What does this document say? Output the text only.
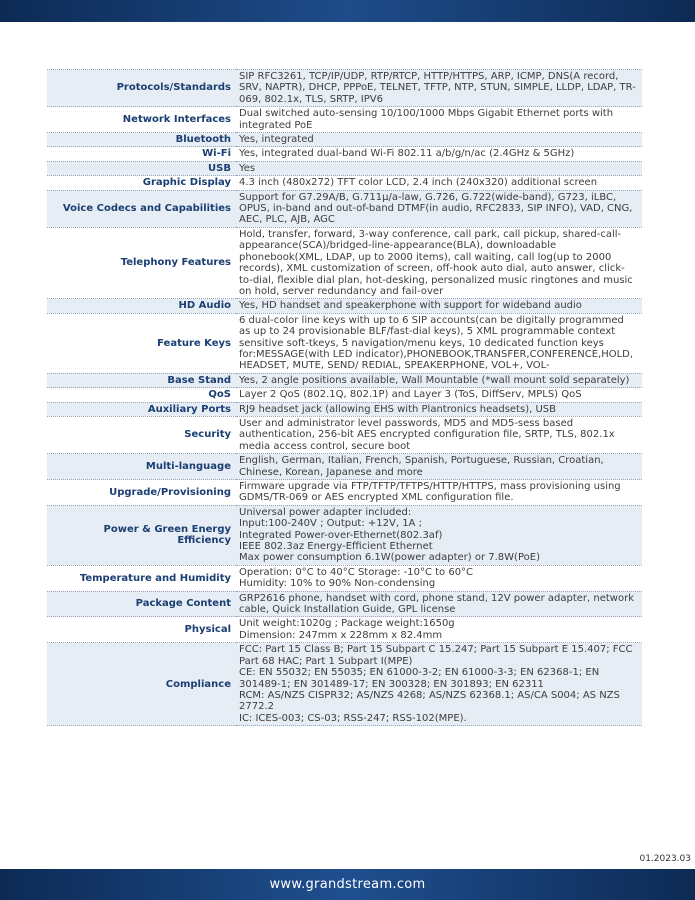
Protocols/Standards	SIP RFC3261, TCP/IP/UDP, RTP/RTCP, HTTP/HTTPS, ARP, ICMP, DNS(A record, SRV, NAPTR), DHCP, PPPoE, TELNET, TFTP, NTP, STUN, SIMPLE, LLDP, LDAP, TR-069, 802.1x, TLS, SRTP, IPV6
Network Interfaces	Dual switched auto-sensing 10/100/1000 Mbps Gigabit Ethernet ports with integrated PoE
Bluetooth	Yes, integrated
Wi-Fi	Yes, integrated dual-band Wi-Fi 802.11 a/b/g/n/ac (2.4GHz & 5GHz)
USB	Yes
Graphic Display	4.3 inch (480x272) TFT color LCD, 2.4 inch (240x320) additional screen
Voice Codecs and Capabilities	Support for G7.29A/B, G.711μ/a-law, G.726, G.722(wide-band), G723, iLBC, OPUS, in-band and out-of-band DTMF(in audio, RFC2833, SIP INFO), VAD, CNG, AEC, PLC, AJB, AGC
Telephony Features	Hold, transfer, forward, 3-way conference, call park, call pickup, shared-call-appearance(SCA)/bridged-line-appearance(BLA), downloadable phonebook(XML, LDAP, up to 2000 items), call waiting, call log(up to 2000 records), XML customization of screen, off-hook auto dial, auto answer, click-to-dial, flexible dial plan, hot-desking, personalized music ringtones and music on hold, server redundancy and fail-over
HD Audio	Yes, HD handset and speakerphone with support for wideband audio
Feature Keys	6 dual-color line keys with up to 6 SIP accounts(can be digitally programmed as up to 24 provisionable BLF/fast-dial keys), 5 XML programmable context sensitive soft-tkeys, 5 navigation/menu keys, 10 dedicated function keys for:MESSAGE(with LED indicator),PHONEBOOK,TRANSFER,CONFERENCE,HOLD, HEADSET, MUTE, SEND/ REDIAL, SPEAKERPHONE, VOL+, VOL-
Base Stand	Yes, 2 angle positions available, Wall Mountable (*wall mount sold separately)
QoS	Layer 2 QoS (802.1Q, 802.1P) and Layer 3 (ToS, DiffServ, MPLS) QoS
Auxiliary Ports	RJ9 headset jack (allowing EHS with Plantronics headsets), USB
Security	User and administrator level passwords, MD5 and MD5-sess based authentication, 256-bit AES encrypted configuration file, SRTP, TLS, 802.1x media access control, secure boot
Multi-language	English, German, Italian, French, Spanish, Portuguese, Russian, Croatian, Chinese, Korean, Japanese and more
Upgrade/Provisioning	Firmware upgrade via FTP/TFTP/TFTPS/HTTP/HTTPS, mass provisioning using GDMS/TR-069 or AES encrypted XML configuration file.
Power & Green Energy Efficiency	Universal power adapter included:
Input:100-240V ; Output: +12V, 1A ;
Integrated Power-over-Ethernet(802.3af)
IEEE 802.3az Energy-Efficient Ethernet
Max power consumption 6.1W(power adapter) or 7.8W(PoE)
Temperature and Humidity	Operation: 0°C to 40°C Storage: -10°C to 60°C
Humidity: 10% to 90% Non-condensing
Package Content	GRP2616 phone, handset with cord, phone stand, 12V power adapter, network cable, Quick Installation Guide, GPL license
Physical	Unit weight:1020g ; Package weight:1650g
Dimension: 247mm x 228mm x 82.4mm
Compliance	FCC: Part 15 Class B; Part 15 Subpart C 15.247; Part 15 Subpart E 15.407; FCC Part 68 HAC; Part 1 Subpart I(MPE)
CE: EN 55032; EN 55035; EN 61000-3-2; EN 61000-3-3; EN 62368-1; EN 301489-1; EN 301489-17; EN 300328; EN 301893; EN 62311
RCM: AS/NZS CISPR32; AS/NZS 4268; AS/NZS 62368.1; AS/CA S004; AS NZS 2772.2
IC: ICES-003; CS-03; RSS-247; RSS-102(MPE).
01.2023.03
www.grandstream.com
